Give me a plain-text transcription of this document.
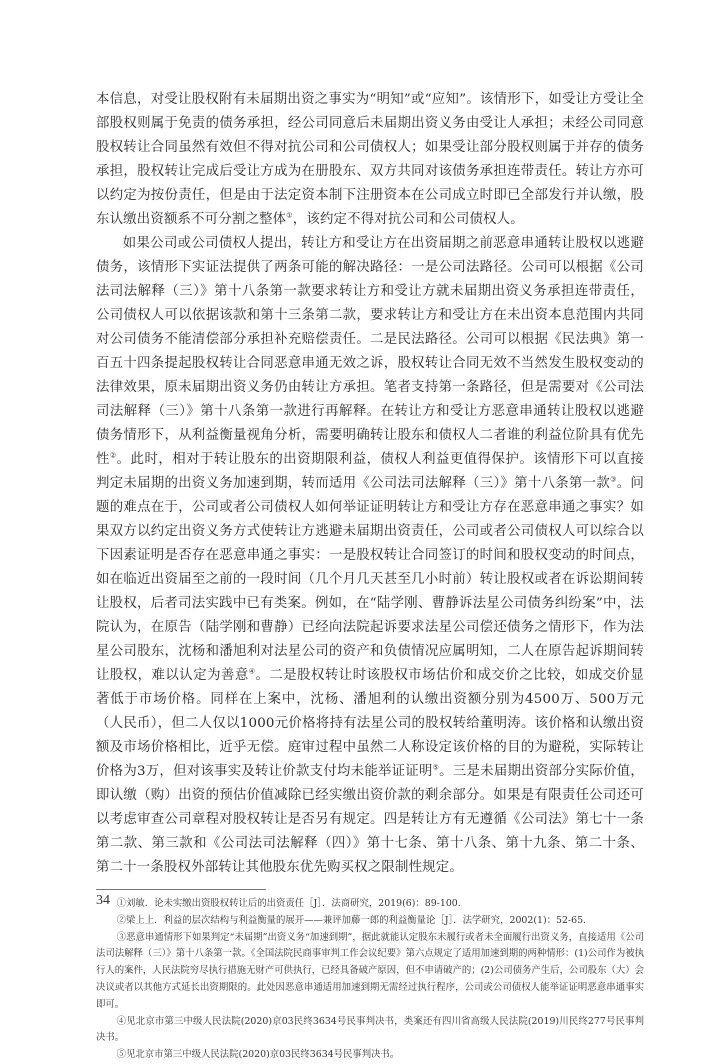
本信息，对受让股权附有未届期出资之事实为“明知”或“应知”。该情形下，如受让方受让全部股权则属于免责的债务承担，经公司同意后未届期出资义务由受让人承担；未经公司同意股权转让合同虽然有效但不得对抗公司和公司债权人；如果受让部分股权则属于并存的债务承担，股权转让完成后受让方成为在册股东、双方共同对该债务承担连带责任。转让方亦可以约定为按份责任，但是由于法定资本制下注册资本在公司成立时即已全部发行并认缴，股东认缴出资额系不可分割之整体①，该约定不得对抗公司和公司债权人。

如果公司或公司债权人提出，转让方和受让方在出资届期之前恶意串通转让股权以逃避债务，该情形下实证法提供了两条可能的解决路径：一是公司法路径。公司可以根据《公司法司法解释（三）》第十八条第一款要求转让方和受让方就未届期出资义务承担连带责任，公司债权人可以依据该款和第十三条第二款，要求转让方和受让方在未出资本息范围内共同对公司债务不能清偿部分承担补充赔偿责任。二是民法路径。公司可以根据《民法典》第一百五十四条提起股权转让合同恶意串通无效之诉，股权转让合同无效不当然发生股权变动的法律效果，原未届期出资义务仍由转让方承担。笔者支持第一条路径，但是需要对《公司法司法解释（三）》第十八条第一款进行再解释。在转让方和受让方恶意串通转让股权以逃避债务情形下，从利益衡量视角分析，需要明确转让股东和债权人二者谁的利益位阶具有优先性②。此时，相对于转让股东的出资期限利益，债权人利益更值得保护。该情形下可以直接判定未届期的出资义务加速到期，转而适用《公司法司法解释（三）》第十八条第一款③。问题的难点在于，公司或者公司债权人如何举证证明转让方和受让方存在恶意串通之事实？如果双方以约定出资义务方式使转让方逃避未届期出资责任，公司或者公司债权人可以综合以下因素证明是否存在恶意串通之事实：一是股权转让合同签订的时间和股权变动的时间点，如在临近出资届至之前的一段时间（几个月几天甚至几小时前）转让股权或者在诉讼期间转让股权，后者司法实践中已有类案。例如，在“陆学刚、曹静诉法星公司债务纠纷案”中，法院认为，在原告（陆学刚和曹静）已经向法院起诉要求法星公司偿还债务之情形下，作为法星公司股东，沈杨和潘旭利对法星公司的资产和负债情况应属明知，二人在原告起诉期间转让股权，难以认定为善意④。二是股权转让时该股权市场估价和成交价之比较，如成交价显著低于市场价格。同样在上案中，沈杨、潘旭利的认缴出资额分别为4500万、500万元（人民币），但二人仅以1000元价格将持有法星公司的股权转给董明涛。该价格和认缴出资额及市场价格相比，近乎无偿。庭审过程中虽然二人称设定该价格的目的为避税，实际转让价格为3万，但对该事实及转让价款支付均未能举证证明⑤。三是未届期出资部分实际价值，即认缴（购）出资的预估价值减除已经实缴出资价款的剩余部分。如果是有限责任公司还可以考虑审查公司章程对股权转让是否另有规定。四是转让方有无遵循《公司法》第七十一条第二款、第三款和《公司法司法解释（四）》第十七条、第十八条、第十九条、第二十条、第二十一条股权外部转让其他股东优先购买权之限制性规定。

①刘敏．论未实缴出资股权转让后的出资责任［J］．法商研究，2019(6)：89-100.

②梁上上．利益的层次结构与利益衡量的展开——兼评加藤一郎的利益衡量论［J］．法学研究，2002(1)：52-65.

③恶意串通情形下如果判定“未届期”出资义务“加速到期”，据此就能认定股东未履行或者未全面履行出资义务，直接适用《公司法司法解释（三）》第十八条第一款。《全国法院民商事审判工作会议纪要》第六点规定了适用加速到期的两种情形：(1)公司作为被执行人的案件，人民法院穷尽执行措施无财产可供执行，已经具备破产原因，但不申请破产的；(2)公司债务产生后，公司股东（大）会决议或者以其他方式延长出资期限的。此处因恶意串通适用加速到期无需经过执行程序，公司或公司债权人能举证证明恶意串通事实即可。

④见北京市第三中级人民法院(2020)京03民终3634号民事判决书，类案还有四川省高级人民法院(2019)川民终277号民事判决书。

⑤见北京市第三中级人民法院(2020)京03民终3634号民事判决书。

34
